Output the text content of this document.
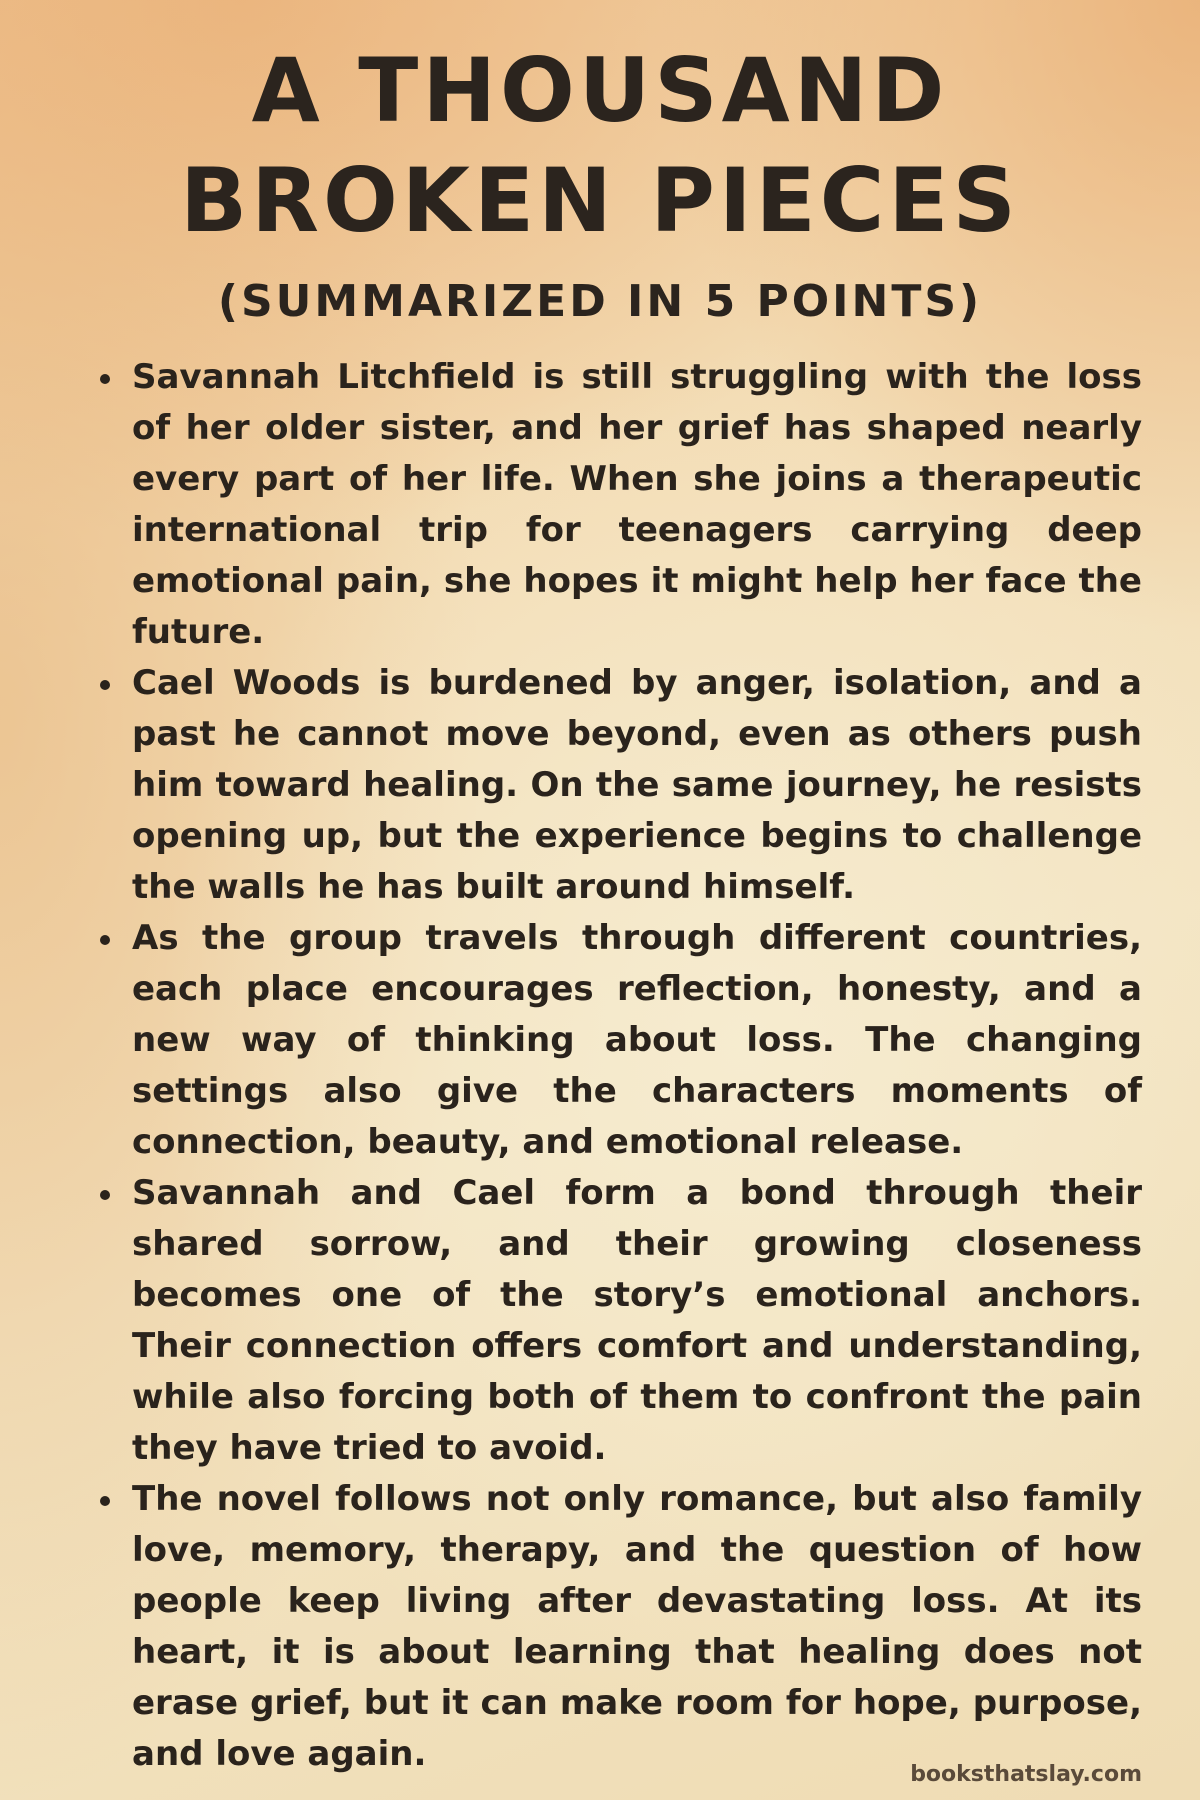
A THOUSAND BROKEN PIECES
(SUMMARIZED IN 5 POINTS)
Savannah Litchfield is still struggling with the loss of her older sister, and her grief has shaped nearly every part of her life. When she joins a therapeutic international trip for teenagers carrying deep emotional pain, she hopes it might help her face the future.
Cael Woods is burdened by anger, isolation, and a past he cannot move beyond, even as others push him toward healing. On the same journey, he resists opening up, but the experience begins to challenge the walls he has built around himself.
As the group travels through different countries, each place encourages reflection, honesty, and a new way of thinking about loss. The changing settings also give the characters moments of connection, beauty, and emotional release.
Savannah and Cael form a bond through their shared sorrow, and their growing closeness becomes one of the story’s emotional anchors. Their connection offers comfort and understanding, while also forcing both of them to confront the pain they have tried to avoid.
The novel follows not only romance, but also family love, memory, therapy, and the question of how people keep living after devastating loss. At its heart, it is about learning that healing does not erase grief, but it can make room for hope, purpose, and love again.
booksthatslay.com
